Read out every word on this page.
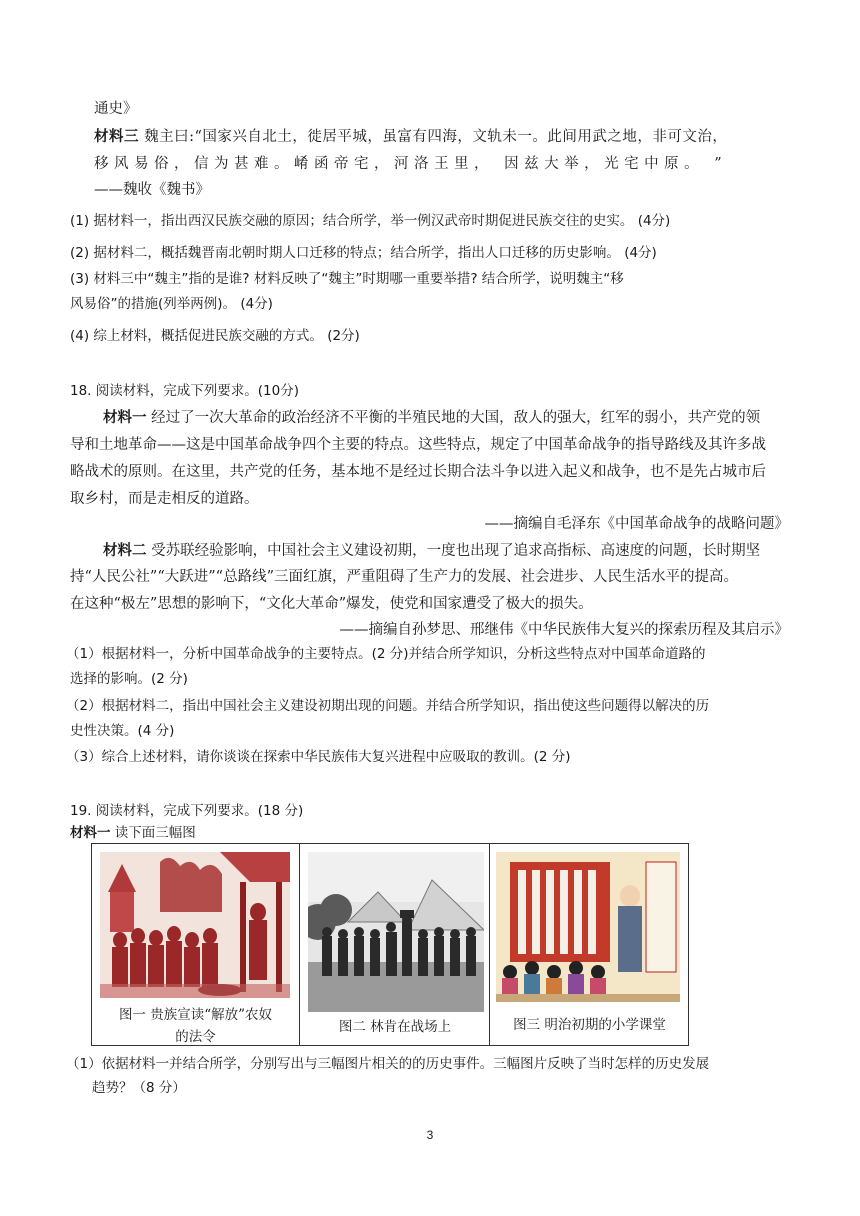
通史》
材料三 魏主曰:“国家兴自北土，徙居平城，虽富有四海，文轨未一。此间用武之地，非可文治，
移风易俗，信为甚难。崤函帝宅，河洛王里， 因兹大举，光宅中原。 ”
——魏收《魏书》
(1) 据材料一，指出西汉民族交融的原因；结合所学，举一例汉武帝时期促进民族交往的史实。 (4分)
(2) 据材料二，概括魏晋南北朝时期人口迁移的特点；结合所学，指出人口迁移的历史影响。 (4分)
(3) 材料三中“魏主”指的是谁? 材料反映了“魏主”时期哪一重要举措? 结合所学，说明魏主“移
风易俗”的措施(列举两例)。 (4分)
(4) 综上材料，概括促进民族交融的方式。 (2分)
18. 阅读材料，完成下列要求。(10分)
材料一 经过了一次大革命的政治经济不平衡的半殖民地的大国，敌人的强大，红军的弱小，共产党的领
导和土地革命——这是中国革命战争四个主要的特点。这些特点，规定了中国革命战争的指导路线及其许多战
略战术的原则。在这里，共产党的任务，基本地不是经过长期合法斗争以进入起义和战争，也不是先占城市后
取乡村，而是走相反的道路。
——摘编自毛泽东《中国革命战争的战略问题》
材料二 受苏联经验影响，中国社会主义建设初期，一度也出现了追求高指标、高速度的问题，长时期坚
持“人民公社”“大跃进”“总路线”三面红旗，严重阻碍了生产力的发展、社会进步、人民生活水平的提高。
在这种“极左”思想的影响下，“文化大革命”爆发，使党和国家遭受了极大的损失。
——摘编自孙梦思、邢继伟《中华民族伟大复兴的探索历程及其启示》
（1）根据材料一，分析中国革命战争的主要特点。(2 分)并结合所学知识，分析这些特点对中国革命道路的
选择的影响。(2 分)
（2）根据材料二，指出中国社会主义建设初期出现的问题。并结合所学知识，指出使这些问题得以解决的历
史性决策。(4 分)
（3）综合上述材料，请你谈谈在探索中华民族伟大复兴进程中应吸取的教训。(2 分)
19. 阅读材料，完成下列要求。(18 分)
材料一 读下面三幅图
图一 贵族宣读“解放”农奴
的法令
图二 林肯在战场上	图三 明治初期的小学课堂
（1）依据材料一并结合所学，分别写出与三幅图片相关的的历史事件。三幅图片反映了当时怎样的历史发展
趋势？（8 分）
3
